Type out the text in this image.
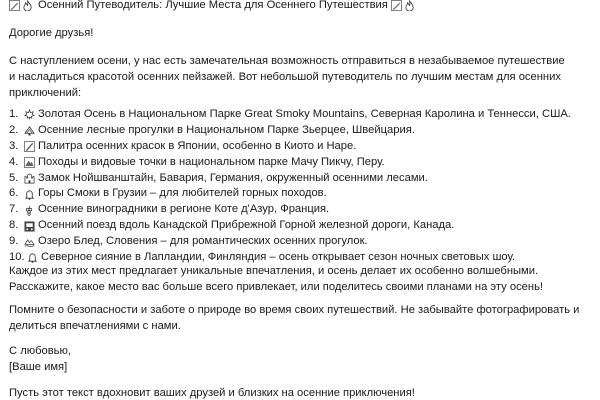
Осенний Путеводитель: Лучшие Места для Осеннего Путешествия

Дорогие друзья!

С наступлением осени, у нас есть замечательная возможность отправиться в незабываемое путешествие и насладиться красотой осенних пейзажей. Вот небольшой путеводитель по лучшим местам для осенних приключений:

1.	Золотая Осень в Национальном Парке Great Smoky Mountains, Северная Каролина и Теннесси, США.
2.	Осенние лесные прогулки в Национальном Парке Зьерцее, Швейцария.
3.	Палитра осенних красок в Японии, особенно в Киото и Наре.
4.	Походы и видовые точки в национальном парке Мачу Пикчу, Перу.
5.	Замок Нойшванштайн, Бавария, Германия, окруженный осенними лесами.
6.	Горы Смоки в Грузии – для любителей горных походов.
7.	Осенние виноградники в регионе Коте д'Азур, Франция.
8.	Осенний поезд вдоль Канадской Прибрежной Горной железной дороги, Канада.
9.	Озеро Блед, Словения – для романтических осенних прогулок.
10. Северное сияние в Лапландии, Финляндия – осень открывает сезон ночных световых шоу.

Каждое из этих мест предлагает уникальные впечатления, и осень делает их особенно волшебными. Расскажите, какое место вас больше всего привлекает, или поделитесь своими планами на эту осень!

Помните о безопасности и заботе о природе во время своих путешествий. Не забывайте фотографировать и делиться впечатлениями с нами.

С любовью,

[Ваше имя]

Пусть этот текст вдохновит ваших друзей и близких на осенние приключения!
